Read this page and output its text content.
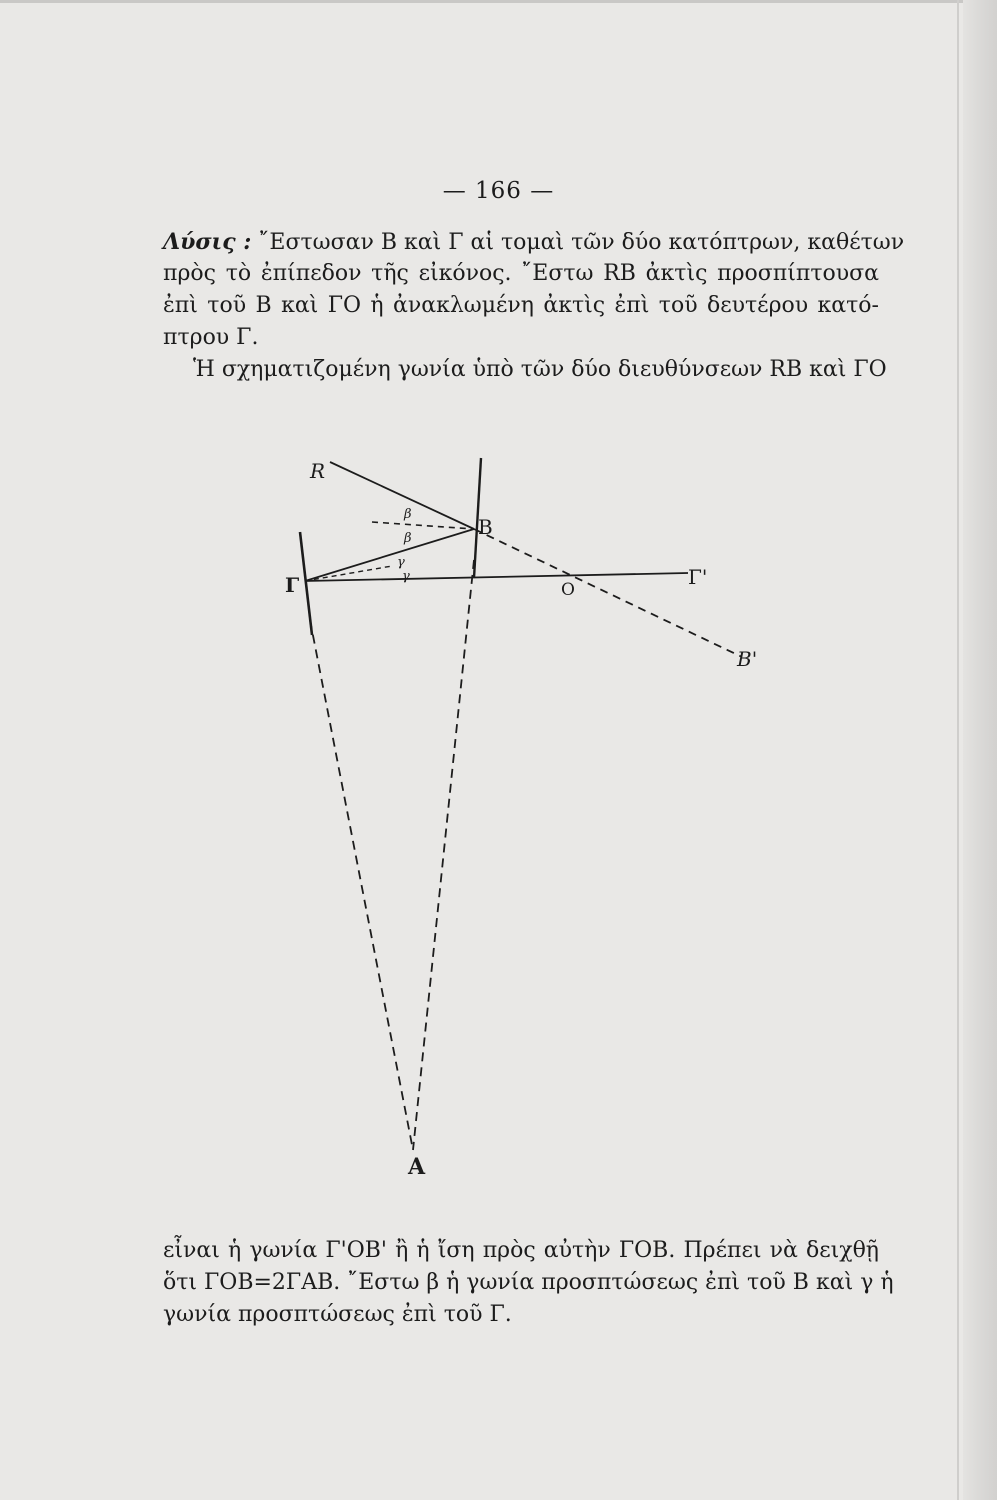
— 166 —
Λύσις : ῎Εστωσαν Β καὶ Γ αἱ τομαὶ τῶν δύο κατόπτρων, καθέτων
πρὸς τὸ ἐπίπεδον τῆς εἰκόνος. ῎Εστω RB ἀκτὶς προσπίπτουσα
ἐπὶ τοῦ Β καὶ ΓΟ ἡ ἀνακλωμένη ἀκτὶς ἐπὶ τοῦ δευτέρου κατό-
πτρου Γ.
Ἡ σχηματιζομένη γωνία ὑπὸ τῶν δύο διευθύνσεων RB καὶ ΓΟ
R
B
Γ	Γ'
O
B'
A
β
β
γ
γ
εἶναι ἡ γωνία Γ'ΟΒ' ἢ ἡ ἴση πρὸς αὐτὴν ΓΟΒ. Πρέπει νὰ δειχθῇ
ὅτι ΓΟΒ=2ΓΑΒ. ῎Εστω β ἡ γωνία προσπτώσεως ἐπὶ τοῦ Β καὶ γ ἡ
γωνία προσπτώσεως ἐπὶ τοῦ Γ.
